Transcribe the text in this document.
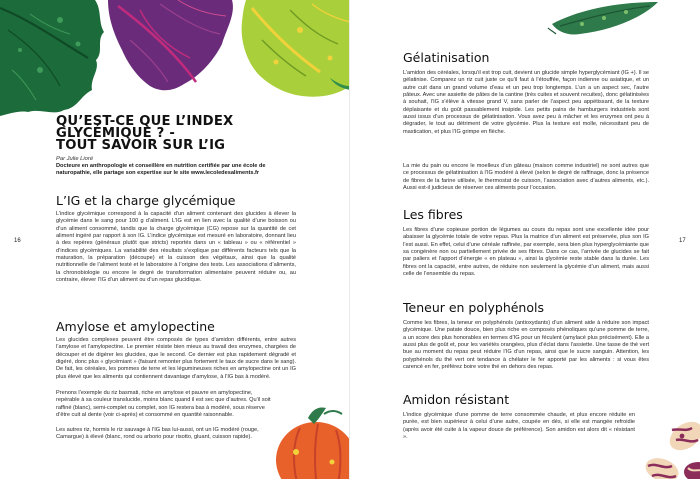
16
QU’EST-CE QUE L’INDEX
GLYCÉMIQUE ? -
TOUT SAVOIR SUR L’IG
Par Julie Lioré
Docteure en anthropologie et conseillère en nutrition certifiée par une école de naturopathie, elle partage son expertise sur le site www.lecoledesaliments.fr
L’IG et la charge glycémique

L’indice glycémique correspond à la capacité d’un aliment contenant des glucides à élever la glycémie dans le sang pour 100 g d’aliment. L’IG est en lien avec la qualité d’une boisson ou d’un aliment consommé, tandis que la charge glycémique (CG) repose sur la quantité de cet aliment ingéré par rapport à son IG. L’indice glycémique est mesuré en laboratoire, donnant lieu à des repères (généraux plutôt que stricts) reportés dans un « tableau » ou « référentiel » d’indices glycémiques. La variabilité des résultats s’explique par différents facteurs tels que la maturation, la préparation (découpe) et la cuisson des végétaux, ainsi que la qualité nutritionnelle de l’aliment testé et le laboratoire à l’origine des tests. Les associations d’aliments, la chronobiologie ou encore le degré de transformation alimentaire peuvent réduire ou, au contraire, élever l’IG d’un aliment ou d’un repas glucidique.

Amylose et amylopectine

Les glucides complexes peuvent être composés de types d’amidon différents, entre autres l’amylose et l’amylopectine. Le premier résiste bien mieux au travail des enzymes, chargées de découper et de digérer les glucides, que le second. Ce dernier est plus rapidement dégradé et digéré, donc plus « glycémiant » (faisant remonter plus fortement le taux de sucre dans le sang). De fait, les céréales, les pommes de terre et les légumineuses riches en amylopectine ont un IG plus élevé que les aliments qui contiennent davantage d’amylose, à l’IG bas à modéré.

Prenons l’exemple du riz basmati, riche en amylose et pauvre en amylopectine, repérable à sa couleur translucide, moins blanc quand il est sec que d’autres. Qu’il soit raffiné (blanc), semi-complet ou complet, son IG restera bas à modéré, sous réserve d’être cuit al dente (voir ci-après) et consommé en quantité raisonnable.

Les autres riz, hormis le riz sauvage à l’IG bas lui-aussi, ont un IG modéré (rouge, Camargue) à élevé (blanc, rond ou arborio pour risotto, gluant, cuisson rapide).

17
Gélatinisation

L’amidon des céréales, lorsqu’il est trop cuit, devient un glucide simple hyperglycémiant (IG +). Il se gélatinise. Comparez un riz cuit juste ce qu’il faut à l’étouffée, façon indienne ou asiatique, et un autre cuit dans un grand volume d’eau et un peu trop longtemps. L’un a un aspect sec, l’autre pâteux. Avec une assiette de pâtes de la cantine (très cuites et souvent recuites), donc gélatinisées à souhait, l’IG s’élève à vitesse grand V, sans parler de l’aspect peu appétissant, de la texture déplaisante et du goût passablement insipide. Les petits pains de hamburgers industriels sont aussi issus d’un processus de gélatinisation. Vous avez peu à mâcher et les enzymes ont peu à dégrader, le tout au détriment de votre glycémie. Plus la texture est molle, nécessitant peu de mastication, et plus l’IG grimpe en flèche.

La mie du pain ou encore le moelleux d’un gâteau (maison comme industriel) ne sont autres que ce processus de gélatinisation à l’IG modéré à élevé (selon le degré de raffinage, donc la présence de fibres de la farine utilisée, le thermostat de cuisson, l’association avec d’autres aliments, etc.). Aussi est-il judicieux de réserver ces aliments pour l’occasion.

Les fibres

Les fibres d’une copieuse portion de légumes au cours du repas sont une excellente idée pour abaisser la glycémie totale de votre repas. Plus la matrice d’un aliment est préservée, plus son IG l’est aussi. En effet, celui d’une céréale raffinée, par exemple, sera bien plus hyperglycémiante que sa congénère non ou partiellement privée de ses fibres. Dans ce cas, l’arrivée de glucides se fait par paliers et l’apport d’énergie « en plateau », ainsi la glycémie reste stable dans la durée. Les fibres ont la capacité, entre autres, de réduire non seulement la glycémie d’un aliment, mais aussi celle de l’ensemble du repas.

Teneur en polyphénols

Comme les fibres, la teneur en polyphénols (antioxydants) d’un aliment aide à réduire son impact glycémique. Une patate douce, bien plus riche en composés phénoliques qu’une pomme de terre, a un score des plus honorables en termes d’IG pour un féculent (amylacé plus précisément). Elle a aussi plus de goût et, pour les variétés orangées, plus d’éclat dans l’assiette. Une tasse de thé vert bue au moment du repas peut réduire l’IG d’un repas, ainsi que le sucre sanguin. Attention, les polyphénols du thé vert ont tendance à chélater le fer apporté par les aliments : si vous êtes carencé en fer, préférez boire votre thé en dehors des repas.

Amidon résistant

L’indice glycémique d’une pomme de terre consommée chaude, et plus encore réduite en purée, est bien supérieur à celui d’une autre, coupée en dés, si elle est mangée refroidie (après avoir été cuite à la vapeur douce de préférence). Son amidon est alors dit « résistant ».
